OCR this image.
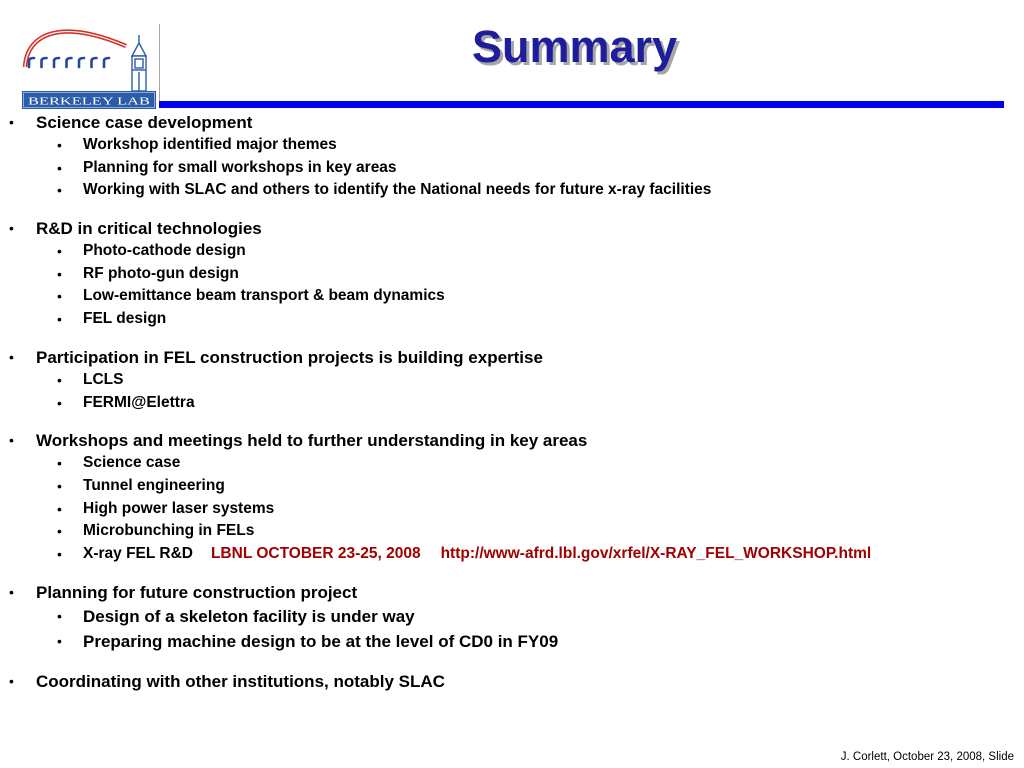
BERKELEY LAB
Summary
• Science case development
• Workshop identified major themes
• Planning for small workshops in key areas
• Working with SLAC and others to identify the National needs for future x-ray facilities
• R&D in critical technologies
• Photo-cathode design
• RF photo-gun design
• Low-emittance beam transport & beam dynamics
• FEL design
• Participation in FEL construction projects is building expertise
• LCLS
• FERMI@Elettra
• Workshops and meetings held to further understanding in key areas
• Science case
• Tunnel engineering
• High power laser systems
• Microbunching in FELs
• X-ray FEL R&D LBNL OCTOBER 23-25, 2008 http://www-afrd.lbl.gov/xrfel/X-RAY_FEL_WORKSHOP.html
• Planning for future construction project
• Design of a skeleton facility is under way
• Preparing machine design to be at the level of CD0 in FY09
• Coordinating with other institutions, notably SLAC
J. Corlett, October 23, 2008, Slide
